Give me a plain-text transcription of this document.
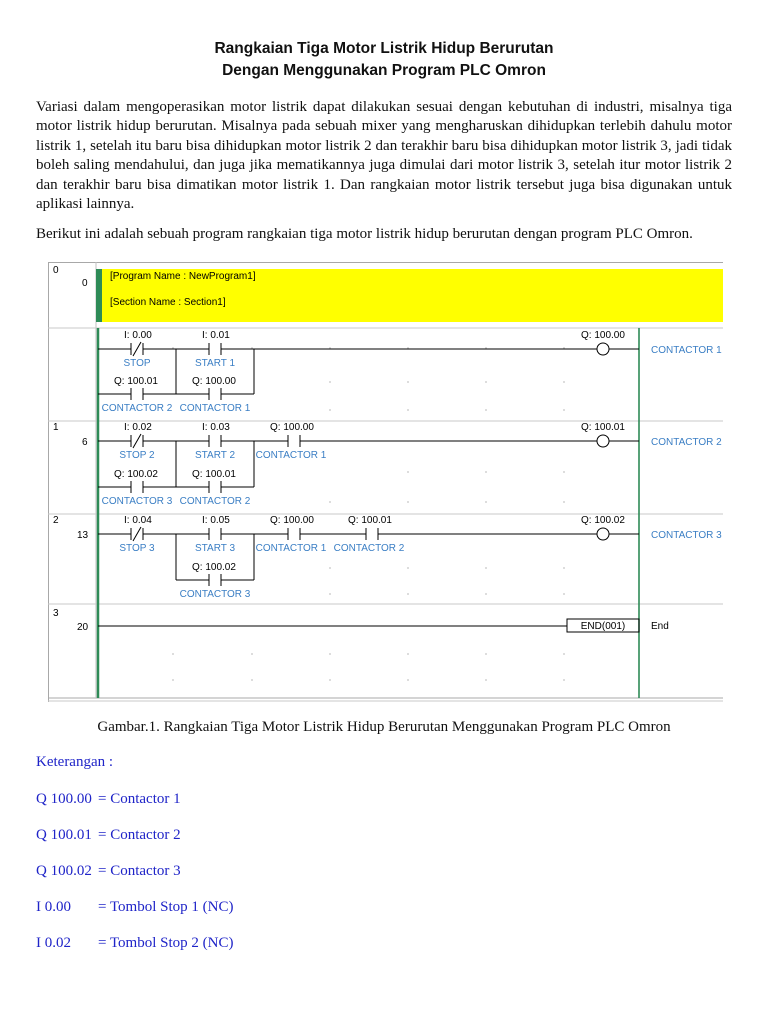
Rangkaian Tiga Motor Listrik Hidup Berurutan
Dengan Menggunakan Program PLC Omron

Variasi dalam mengoperasikan motor listrik dapat dilakukan sesuai dengan kebutuhan di industri, misalnya tiga motor listrik hidup berurutan. Misalnya pada sebuah mixer yang mengharuskan dihidupkan terlebih dahulu motor listrik 1, setelah itu baru bisa dihidupkan motor listrik 2 dan terakhir baru bisa dihidupkan motor listrik 3, jadi tidak boleh saling mendahului, dan juga jika mematikannya juga dimulai dari motor listrik 3, setelah itur motor listrik 2 dan terakhir baru bisa dimatikan motor listrik 1. Dan rangkaian motor listrik tersebut juga bisa digunakan untuk aplikasi lainnya.

Berikut ini adalah sebuah program rangkaian tiga motor listrik hidup berurutan dengan program PLC Omron.

0
0
[Program Name : NewProgram1]
[Section Name : Section1]
I: 0.00	I: 0.01
Q: 100.01	Q: 100.00
Q: 100.00
1
6
I: 0.02	I: 0.03	Q: 100.00
Q: 100.02	Q: 100.01
Q: 100.01
2
13
I: 0.04	I: 0.05	Q: 100.00	Q: 100.01
Q: 100.02
Q: 100.02
3
20	END(001)	End
STOP	START 1
CONTACTOR 2 CONTACTOR 1
CONTACTOR 1
STOP 2	START 2 CONTACTOR 1
CONTACTOR 3 CONTACTOR 2
CONTACTOR 2
STOP 3	START 3 CONTACTOR 1 CONTACTOR 2
CONTACTOR 3
CONTACTOR 3
Gambar.1. Rangkaian Tiga Motor Listrik Hidup Berurutan Menggunakan Program PLC Omron
Keterangan :
Q 100.00 = Contactor 1
Q 100.01 = Contactor 2
Q 100.02 = Contactor 3
I 0.00 = Tombol Stop 1 (NC)
I 0.02 = Tombol Stop 2 (NC)
